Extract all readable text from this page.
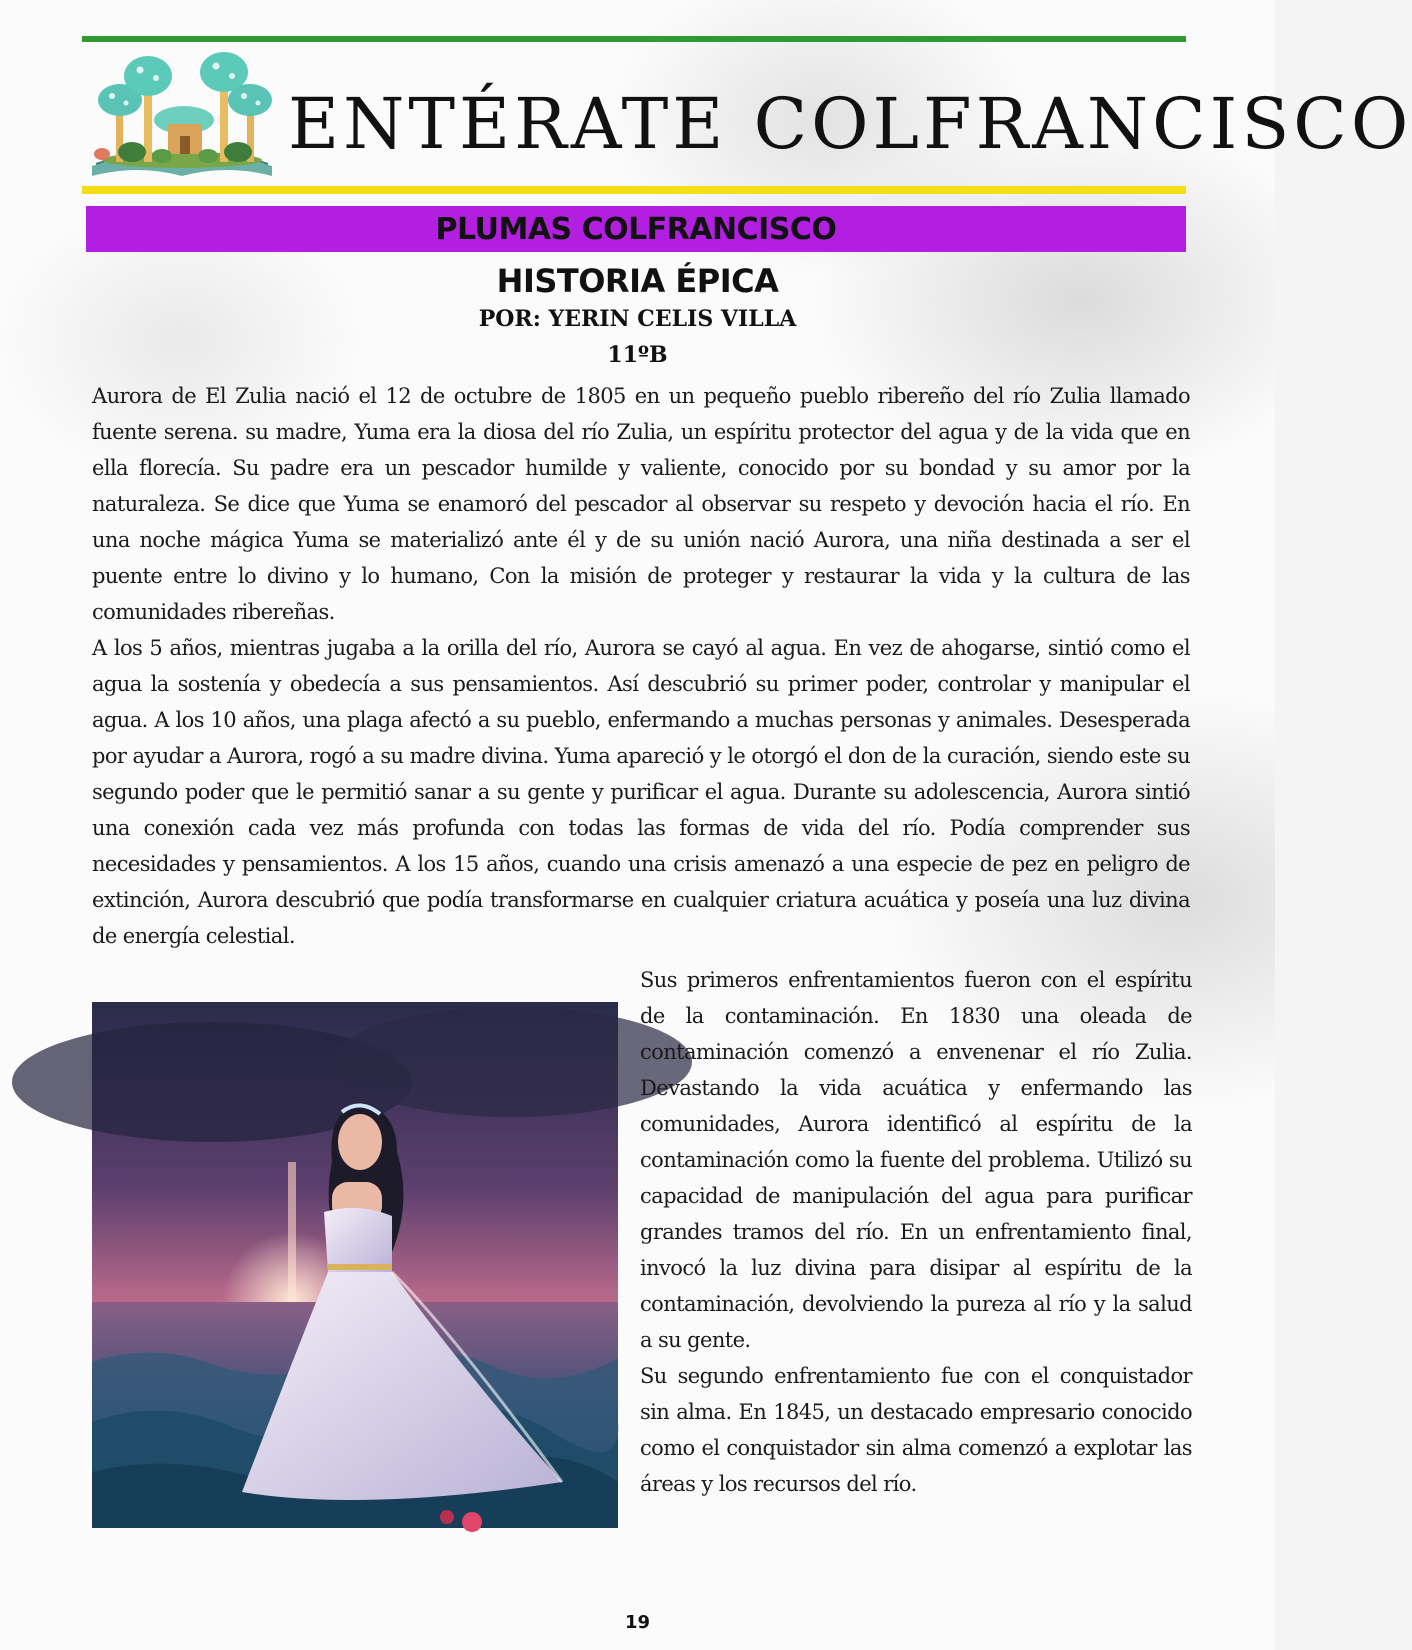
ENTÉRATE COLFRANCISCO
PLUMAS COLFRANCISCO
HISTORIA ÉPICA
POR: YERIN CELIS VILLA
11ºB

Aurora de El Zulia nació el 12 de octubre de 1805 en un pequeño pueblo ribereño del río Zulia llamado fuente serena. su madre, Yuma era la diosa del río Zulia, un espíritu protector del agua y de la vida que en ella florecía. Su padre era un pescador humilde y valiente, conocido por su bondad y su amor por la naturaleza. Se dice que Yuma se enamoró del pescador al observar su respeto y devoción hacia el río. En una noche mágica Yuma se materializó ante él y de su unión nació Aurora, una niña destinada a ser el puente entre lo divino y lo humano, Con la misión de proteger y restaurar la vida y la cultura de las comunidades ribereñas.

A los 5 años, mientras jugaba a la orilla del río, Aurora se cayó al agua. En vez de ahogarse, sintió como el agua la sostenía y obedecía a sus pensamientos. Así descubrió su primer poder, controlar y manipular el agua. A los 10 años, una plaga afectó a su pueblo, enfermando a muchas personas y animales. Desesperada por ayudar a Aurora, rogó a su madre divina. Yuma apareció y le otorgó el don de la curación, siendo este su segundo poder que le permitió sanar a su gente y purificar el agua. Durante su adolescencia, Aurora sintió una conexión cada vez más profunda con todas las formas de vida del río. Podía comprender sus necesidades y pensamientos. A los 15 años, cuando una crisis amenazó a una especie de pez en peligro de extinción, Aurora descubrió que podía transformarse en cualquier criatura acuática y poseía una luz divina de energía celestial.

Sus primeros enfrentamientos fueron con el espíritu de la contaminación. En 1830 una oleada de contaminación comenzó a envenenar el río Zulia. Devastando la vida acuática y enfermando las comunidades, Aurora identificó al espíritu de la contaminación como la fuente del problema. Utilizó su capacidad de manipulación del agua para purificar grandes tramos del río. En un enfrentamiento final, invocó la luz divina para disipar al espíritu de la contaminación, devolviendo la pureza al río y la salud a su gente.

Su segundo enfrentamiento fue con el conquistador sin alma. En 1845, un destacado empresario conocido como el conquistador sin alma comenzó a explotar las áreas y los recursos del río.

19
